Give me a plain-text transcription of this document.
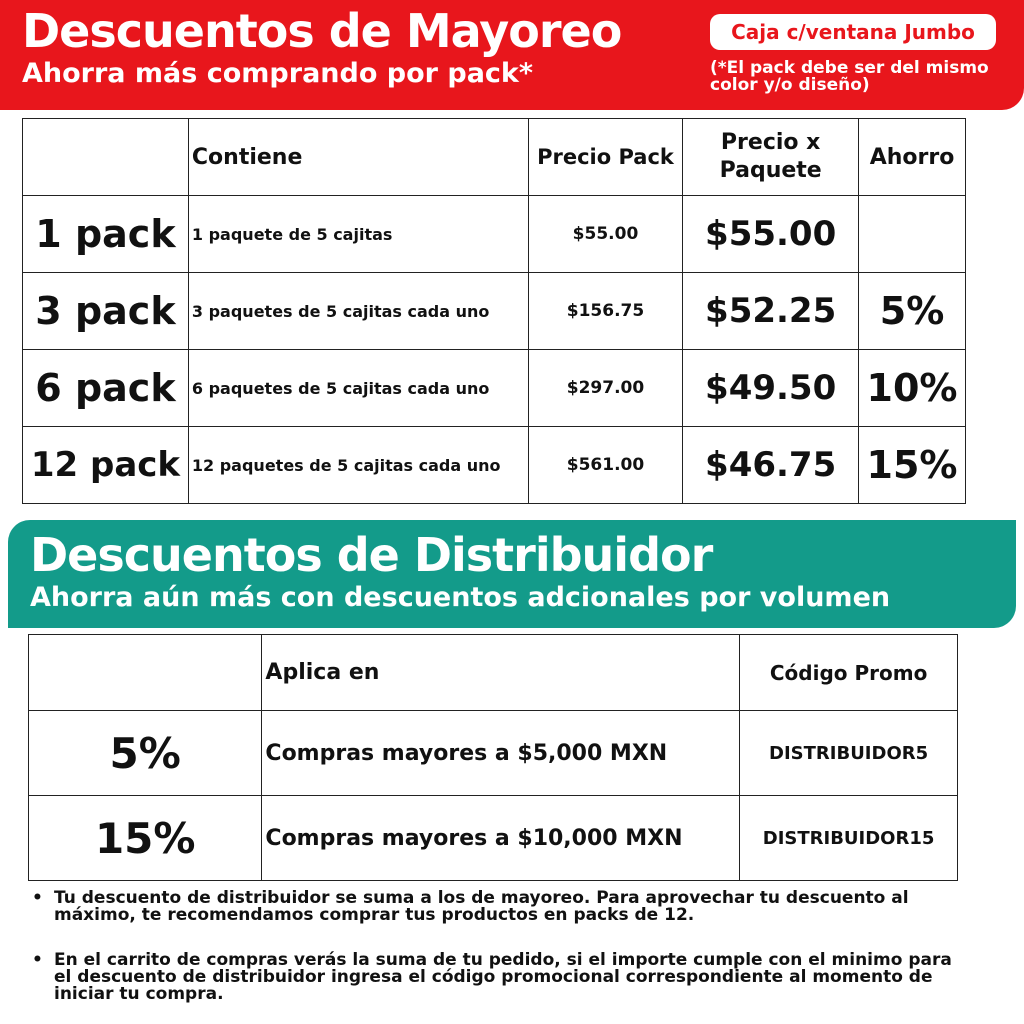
Descuentos de Mayoreo
Ahorra más comprando por pack*
Caja c/ventana Jumbo
(*El pack debe ser del mismo color y/o diseño)
	Contiene	Precio Pack	Precio x Paquete	Ahorro
1 pack	1 paquete de 5 cajitas	$55.00	$55.00	
3 pack	3 paquetes de 5 cajitas cada uno	$156.75	$52.25	5%
6 pack	6 paquetes de 5 cajitas cada uno	$297.00	$49.50	10%
12 pack	12 paquetes de 5 cajitas cada uno	$561.00	$46.75	15%
Descuentos de Distribuidor
Ahorra aún más con descuentos adcionales por volumen
	Aplica en	Código Promo
5%	Compras mayores a $5,000 MXN	DISTRIBUIDOR5
15%	Compras mayores a $10,000 MXN	DISTRIBUIDOR15
• Tu descuento de distribuidor se suma a los de mayoreo. Para aprovechar tu descuento al máximo, te recomendamos comprar tus productos en packs de 12.
• En el carrito de compras verás la suma de tu pedido, si el importe cumple con el minimo para el descuento de distribuidor ingresa el código promocional correspondiente al momento de iniciar tu compra.
